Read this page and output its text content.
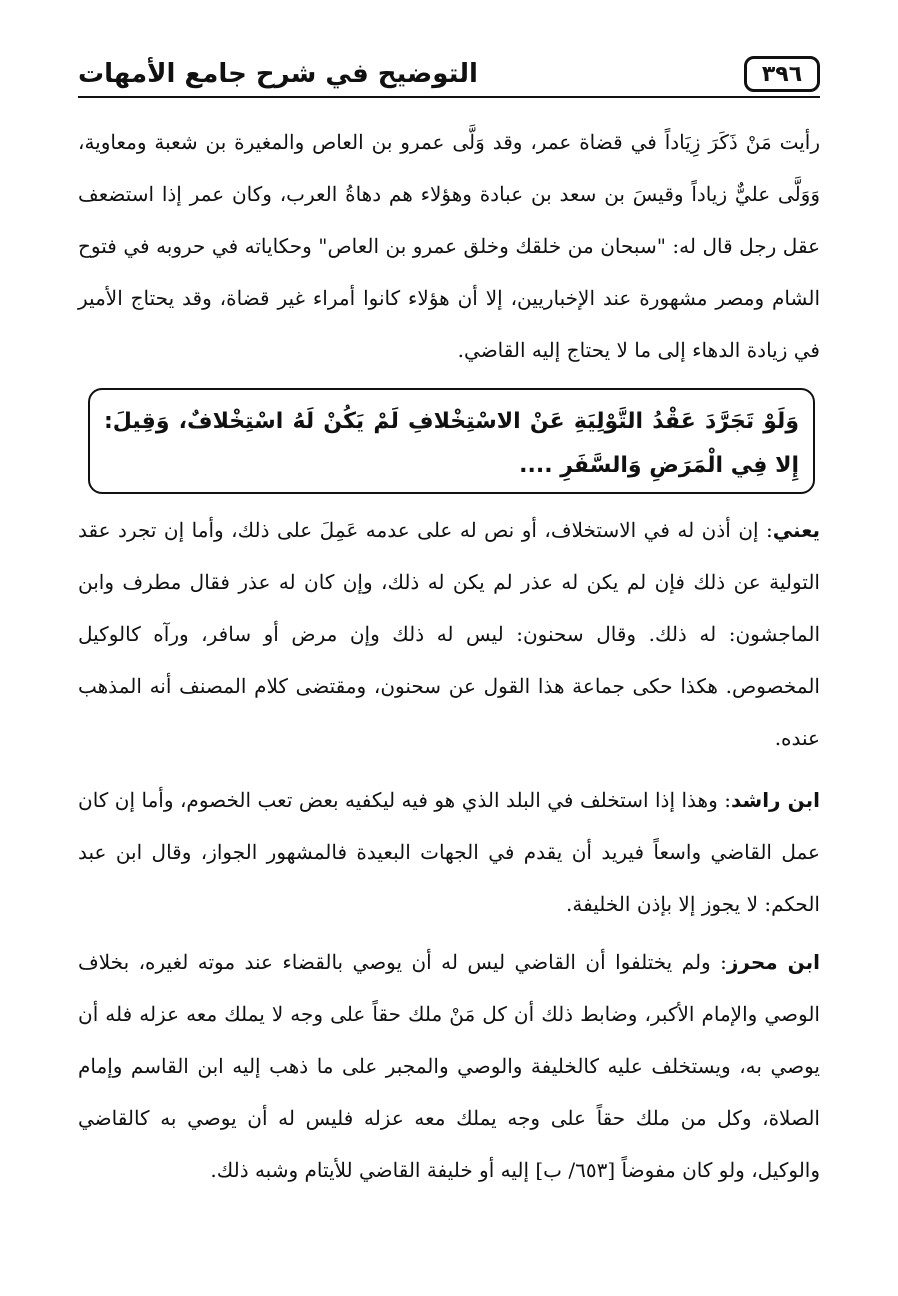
٣٩٦
التوضيح في شرح جامع الأمهات

رأيت مَنْ ذَكَرَ زِيَاداً في قضاة عمر، وقد وَلَّى عمرو بن العاص والمغيرة بن شعبة ومعاوية، وَوَلَّى عليٌّ زياداً وقيسَ بن سعد بن عبادة وهؤلاء هم دهاةُ العرب، وكان عمر إذا استضعف عقل رجل قال له: "سبحان من خلقك وخلق عمرو بن العاص" وحكاياته في حروبه في فتوح الشام ومصر مشهورة عند الإخباريين، إلا أن هؤلاء كانوا أمراء غير قضاة، وقد يحتاج الأمير في زيادة الدهاء إلى ما لا يحتاج إليه القاضي.

وَلَوْ تَجَرَّدَ عَقْدُ التَّوْلِيَةِ عَنْ الاسْتِخْلافِ لَمْ يَكُنْ لَهُ اسْتِخْلافٌ، وَقِيلَ: إِلا فِي الْمَرَضِ وَالسَّفَرِ ....

يعني: إن أذن له في الاستخلاف، أو نص له على عدمه عَمِلَ على ذلك، وأما إن تجرد عقد التولية عن ذلك فإن لم يكن له عذر لم يكن له ذلك، وإن كان له عذر فقال مطرف وابن الماجشون: له ذلك. وقال سحنون: ليس له ذلك وإن مرض أو سافر، ورآه كالوكيل المخصوص. هكذا حكى جماعة هذا القول عن سحنون، ومقتضى كلام المصنف أنه المذهب عنده.

ابن راشد: وهذا إذا استخلف في البلد الذي هو فيه ليكفيه بعض تعب الخصوم، وأما إن كان عمل القاضي واسعاً فيريد أن يقدم في الجهات البعيدة فالمشهور الجواز، وقال ابن عبد الحكم: لا يجوز إلا بإذن الخليفة.

ابن محرز: ولم يختلفوا أن القاضي ليس له أن يوصي بالقضاء عند موته لغيره، بخلاف الوصي والإمام الأكبر، وضابط ذلك أن كل مَنْ ملك حقاً على وجه لا يملك معه عزله فله أن يوصي به، ويستخلف عليه كالخليفة والوصي والمجبر على ما ذهب إليه ابن القاسم وإمام الصلاة، وكل من ملك حقاً على وجه يملك معه عزله فليس له أن يوصي به كالقاضي والوكيل، ولو كان مفوضاً [٦٥٣/ ب] إليه أو خليفة القاضي للأيتام وشبه ذلك.
